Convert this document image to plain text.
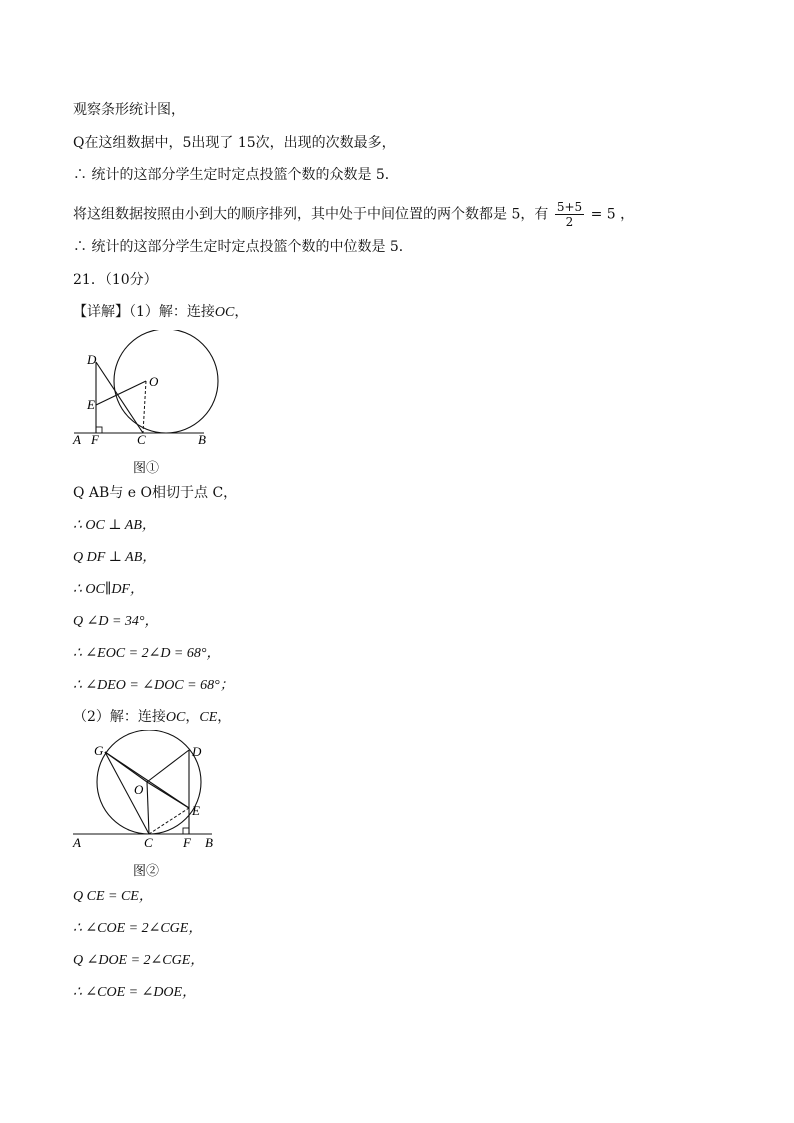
观察条形统计图，
Q在这组数据中，5出现了 15次，出现的次数最多，
∴ 统计的这部分学生定时定点投篮个数的众数是 5．
将这组数据按照由小到大的顺序排列，其中处于中间位置的两个数都是 5，有 $\frac{5+5}{2} = 5$ ，
∴ 统计的这部分学生定时定点投篮个数的中位数是 5．
21．（10分）
【详解】（1）解：连接OC，
D
O
E
A F	C	B
图①
Q AB与 e O相切于点 C，
∴ OC ⊥ AB，
Q DF ⊥ AB，
∴ OC∥DF，
Q ∠D = 34°，
∴ ∠EOC = 2∠D = 68°，
∴ ∠DEO = ∠DOC = 68°；
（2）解：连接OC，CE，
G	D
O
E
A	C F B
图②
Q CE = CE，
∴ ∠COE = 2∠CGE，
Q ∠DOE = 2∠CGE，
∴ ∠COE = ∠DOE，
